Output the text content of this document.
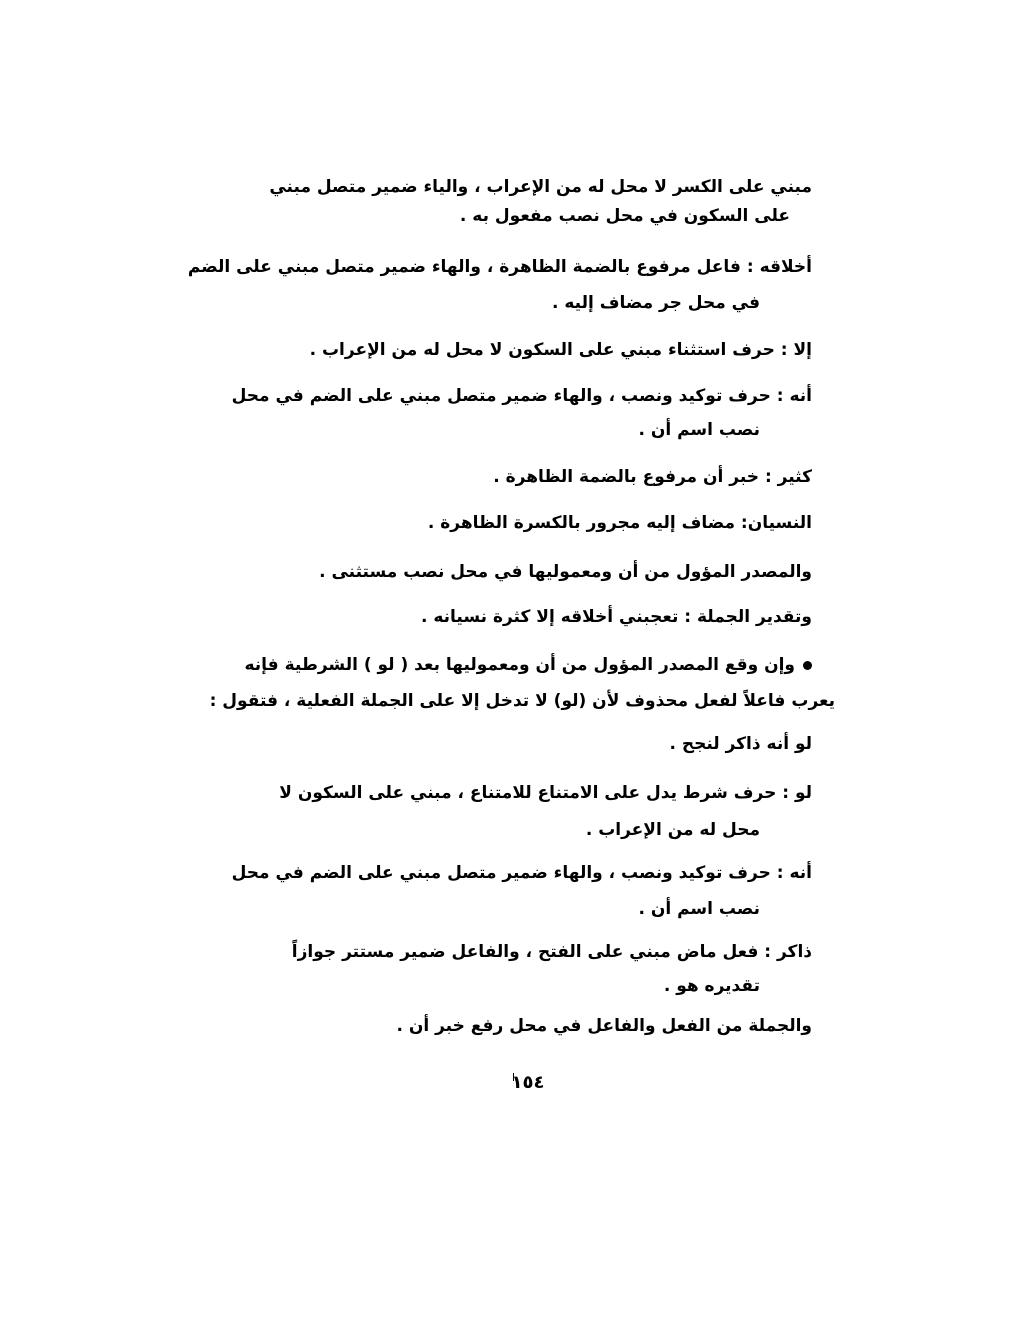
مبني على الكسر لا محل له من الإعراب ، والياء ضمير متصل مبني
على السكون في محل نصب مفعول به .
أخلاقه : فاعل مرفوع بالضمة الظاهرة ، والهاء ضمير متصل مبني على الضم
في محل جر مضاف إليه .
إلا : حرف استثناء مبني على السكون لا محل له من الإعراب .
أنه : حرف توكيد ونصب ، والهاء ضمير متصل مبني على الضم في محل
نصب اسم أن .
كثير : خبر أن مرفوع بالضمة الظاهرة .
النسيان: مضاف إليه مجرور بالكسرة الظاهرة .
والمصدر المؤول من أن ومعموليها في محل نصب مستثنى .
وتقدير الجملة : تعجبني أخلاقه إلا كثرة نسيانه .
وإن وقع المصدر المؤول من أن ومعموليها بعد ( لو ) الشرطية فإنه
يعرب فاعلاً لفعل محذوف لأن (لو) لا تدخل إلا على الجملة الفعلية ، فتقول :
لو أنه ذاكر لنجح .
لو : حرف شرط يدل على الامتناع للامتناع ، مبني على السكون لا
محل له من الإعراب .
أنه : حرف توكيد ونصب ، والهاء ضمير متصل مبني على الضم في محل
نصب اسم أن .
ذاكر : فعل ماض مبني على الفتح ، والفاعل ضمير مستتر جوازاً
تقديره هو .
والجملة من الفعل والفاعل في محل رفع خبر أن .
١٥٤
